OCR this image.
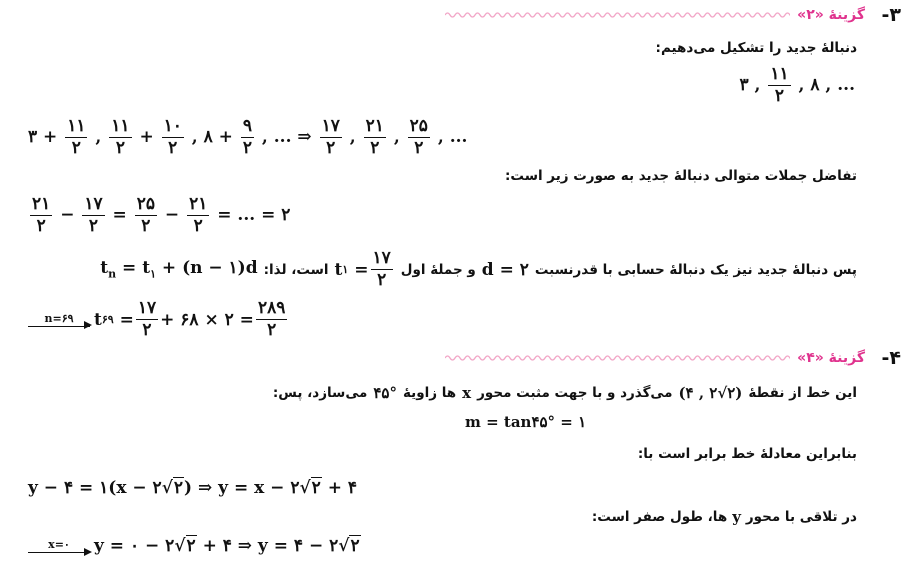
۳-
گزینۀ «۲»
دنبالۀ جدید را تشکیل می‌دهیم:
۳ , $\frac{۱۱}{۲}$ , ۸ , ...
۳ + $\frac{۱۱}{۲}$ , $\frac{۱۱}{۲} + \frac{۱۰}{۲}$ , ۸ + $\frac{۹}{۲}$ , ... ⇒ $\frac{۱۷}{۲}$ , $\frac{۲۱}{۲}$ , $\frac{۲۵}{۲}$ , ...
تفاضل جملات متوالی دنبالۀ جدید به صورت زیر است:
$\frac{۲۱}{۲} - \frac{۱۷}{۲} = \frac{۲۵}{۲} - \frac{۲۱}{۲}$ = ... = ۲
پس دنبالۀ جدید نیز یک دنبالۀ حسابی با قدرنسبت
d = ۲
و جملۀ اول
t ۱
= $\frac{۱۷}{۲}$
است، لذا:
$t_n = t_۱ + (n$ − ۱)d
n=۶۹ t ۶۹
= $\frac{۱۷}{۲}$ + ۶۸ × ۲ = $\frac{۲۸۹}{۲}$
۴-
گزینۀ «۴»
این خط از نقطۀ
(۴ , ۲√۲)
می‌گذرد و با جهت مثبت محور
x
ها زاویۀ
۴۵°
می‌سازد، پس:
m = tan۴۵° = ۱
بنابراین معادلۀ خط برابر است با:
y − ۴ = ۱(x − ۲√۲) ⇒ y = x − ۲√۲ + ۴
در تلاقی با محور
y
ها، طول صفر است:
x=۰ y = ۰ − ۲ √۲
+ ۴ ⇒ y = ۴ − ۲ √۲
